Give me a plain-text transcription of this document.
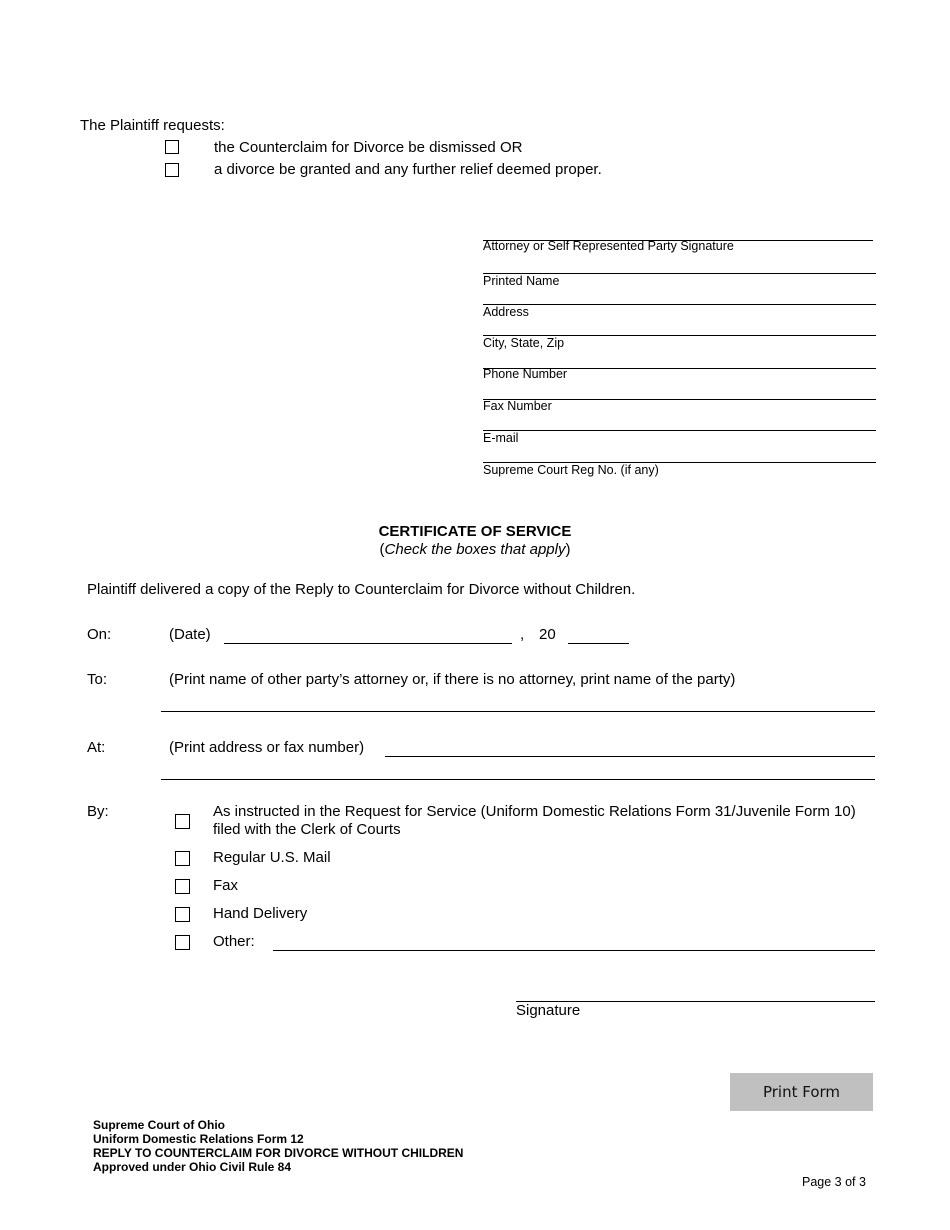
The Plaintiff requests:
the Counterclaim for Divorce be dismissed OR
a divorce be granted and any further relief deemed proper.
Attorney or Self Represented Party Signature
Printed Name
Address
City, State, Zip
Phone Number
Fax Number
E-mail
Supreme Court Reg No. (if any)
CERTIFICATE OF SERVICE
(Check the boxes that apply)
Plaintiff delivered a copy of the Reply to Counterclaim for Divorce without Children.
On:	(Date)	, 20
To:	(Print name of other party’s attorney or, if there is no attorney, print name of the party)
At:	(Print address or fax number)
By:	As instructed in the Request for Service (Uniform Domestic Relations Form 31/Juvenile Form 10) filed with the Clerk of Courts
Regular U.S. Mail
Fax
Hand Delivery
Other:
Signature
Print Form
Supreme Court of Ohio
Uniform Domestic Relations Form 12
REPLY TO COUNTERCLAIM FOR DIVORCE WITHOUT CHILDREN
Approved under Ohio Civil Rule 84
Page 3 of 3
